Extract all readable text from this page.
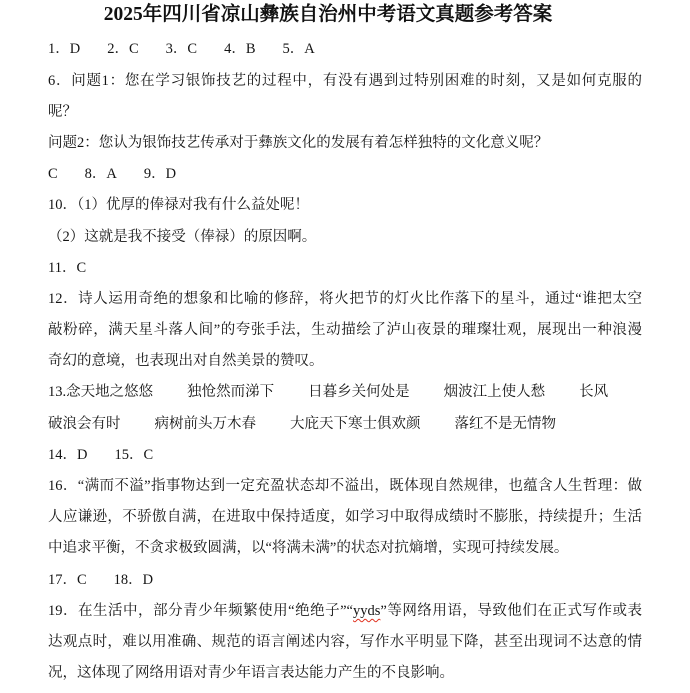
2025年四川省凉山彝族自治州中考语文真题参考答案
1．D 2．C 3．C 4．B 5．A
6．问题1：您在学习银饰技艺的过程中，有没有遇到过特别困难的时刻，又是如何克服的
呢？
问题2：您认为银饰技艺传承对于彝族文化的发展有着怎样独特的文化意义呢？
C 8．A 9．D
10．（1）优厚的俸禄对我有什么益处呢！
（2）这就是我不接受（俸禄）的原因啊。
11．C
12．诗人运用奇绝的想象和比喻的修辞，将火把节的灯火比作落下的星斗，通过“谁把太空
敲粉碎，满天星斗落人间”的夸张手法，生动描绘了泸山夜景的璀璨壮观，展现出一种浪漫
奇幻的意境，也表现出对自然美景的赞叹。
13.念天地之悠悠 独怆然而涕下 日暮乡关何处是 烟波江上使人愁 长风
破浪会有时 病树前头万木春 大庇天下寒士俱欢颜 落红不是无情物
14．D 15．C
16．“满而不溢”指事物达到一定充盈状态却不溢出，既体现自然规律，也蕴含人生哲理：做
人应谦逊，不骄傲自满，在进取中保持适度，如学习中取得成绩时不膨胀，持续提升；生活
中追求平衡，不贪求极致圆满，以“将满未满”的状态对抗熵增，实现可持续发展。
17．C 18．D
19．在生活中，部分青少年频繁使用“绝绝子”“yyds”等网络用语，导致他们在正式写作或表
达观点时，难以用准确、规范的语言阐述内容，写作水平明显下降，甚至出现词不达意的情
况，这体现了网络用语对青少年语言表达能力产生的不良影响。
